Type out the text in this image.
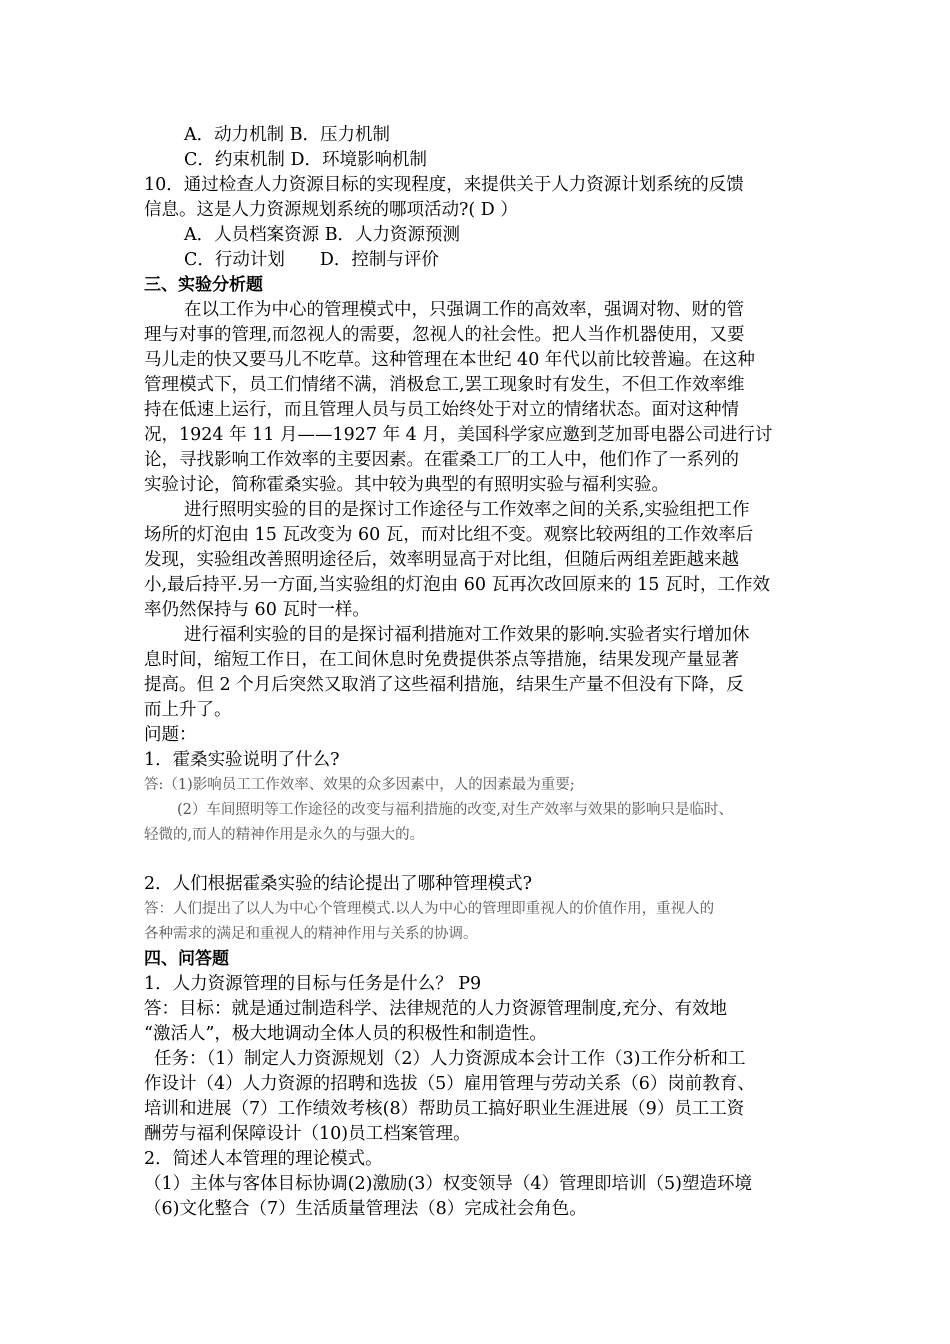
A．动力机制 B．压力机制

C．约束机制 D．环境影响机制

10．通过检查人力资源目标的实现程度，来提供关于人力资源计划系统的反馈

信息。这是人力资源规划系统的哪项活动?( D ）

A．人员档案资源 B．人力资源预测

C．行动计划　　D．控制与评价

三、实验分析题

在以工作为中心的管理模式中，只强调工作的高效率，强调对物、财的管

理与对事的管理,而忽视人的需要，忽视人的社会性。把人当作机器使用，又要

马儿走的快又要马儿不吃草。这种管理在本世纪 40 年代以前比较普遍。在这种

管理模式下，员工们情绪不满，消极怠工,罢工现象时有发生，不但工作效率维

持在低速上运行，而且管理人员与员工始终处于对立的情绪状态。面对这种情

况，1924 年 11 月——1927 年 4 月，美国科学家应邀到芝加哥电器公司进行讨

论，寻找影响工作效率的主要因素。在霍桑工厂的工人中，他们作了一系列的

实验讨论，简称霍桑实验。其中较为典型的有照明实验与福利实验。

进行照明实验的目的是探讨工作途径与工作效率之间的关系,实验组把工作

场所的灯泡由 15 瓦改变为 60 瓦，而对比组不变。观察比较两组的工作效率后

发现，实验组改善照明途径后，效率明显高于对比组，但随后两组差距越来越

小,最后持平.另一方面,当实验组的灯泡由 60 瓦再次改回原来的 15 瓦时，工作效

率仍然保持与 60 瓦时一样。

进行福利实验的目的是探讨福利措施对工作效果的影响.实验者实行增加休

息时间，缩短工作日，在工间休息时免费提供茶点等措施，结果发现产量显著

提高。但 2 个月后突然又取消了这些福利措施，结果生产量不但没有下降，反

而上升了。

问题：

1．霍桑实验说明了什么?

答:（1)影响员工工作效率、效果的众多因素中，人的因素最为重要;

(2）车间照明等工作途径的改变与福利措施的改变,对生产效率与效果的影响只是临时、

轻微的,而人的精神作用是永久的与强大的。

2．人们根据霍桑实验的结论提出了哪种管理模式?

答：人们提出了以人为中心个管理模式.以人为中心的管理即重视人的价值作用，重视人的

各种需求的满足和重视人的精神作用与关系的协调。

四、问答题

1．人力资源管理的目标与任务是什么？ P9

答：目标：就是通过制造科学、法律规范的人力资源管理制度,充分、有效地

“激活人”，极大地调动全体人员的积极性和制造性。

任务：（1）制定人力资源规划（2）人力资源成本会计工作（3)工作分析和工

作设计（4）人力资源的招聘和选拔（5）雇用管理与劳动关系（6）岗前教育、

培训和进展（7）工作绩效考核(8）帮助员工搞好职业生涯进展（9）员工工资

酬劳与福利保障设计（10)员工档案管理。

2．简述人本管理的理论模式。

（1）主体与客体目标协调(2)激励(3）权变领导（4）管理即培训（5)塑造环境

（6)文化整合（7）生活质量管理法（8）完成社会角色。
